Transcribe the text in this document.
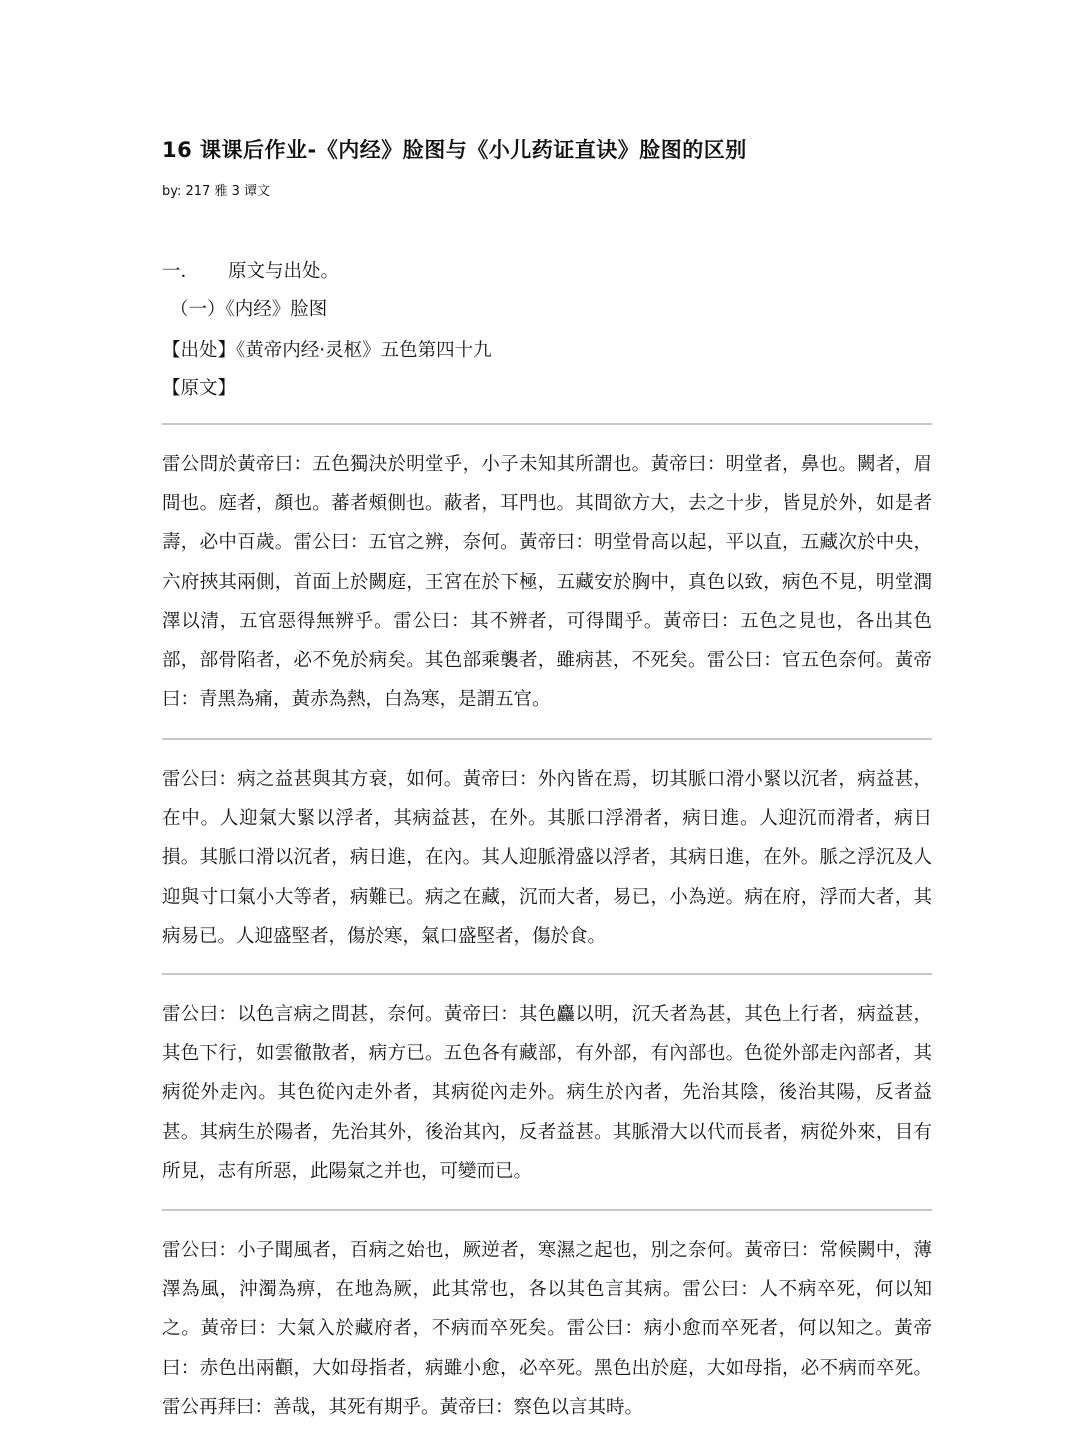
16 课课后作业-《内经》脸图与《小儿药证直诀》脸图的区别
by: 217 雅 3 谭文
一． 原文与出处。
（一）《内经》脸图
【出处】《黄帝内经·灵枢》五色第四十九
【原文】
雷公問於黃帝曰：五色獨決於明堂乎，小子未知其所謂也。黃帝曰：明堂者，鼻也。闕者，眉間也。庭者，顏也。蕃者頰側也。蔽者，耳門也。其間欲方大，去之十步，皆見於外，如是者壽，必中百歲。雷公曰：五官之辨，奈何。黃帝曰：明堂骨高以起，平以直，五藏次於中央，六府挾其兩側，首面上於闕庭，王宮在於下極，五藏安於胸中，真色以致，病色不見，明堂潤澤以清，五官惡得無辨乎。雷公曰：其不辨者，可得聞乎。黃帝曰：五色之見也，各出其色部，部骨陷者，必不免於病矣。其色部乘襲者，雖病甚，不死矣。雷公曰：官五色奈何。黃帝曰：青黑為痛，黃赤為熱，白為寒，是謂五官。
雷公曰：病之益甚與其方衰，如何。黃帝曰：外內皆在焉，切其脈口滑小緊以沉者，病益甚，在中。人迎氣大緊以浮者，其病益甚，在外。其脈口浮滑者，病日進。人迎沉而滑者，病日損。其脈口滑以沉者，病日進，在內。其人迎脈滑盛以浮者，其病日進，在外。脈之浮沉及人迎與寸口氣小大等者，病難已。病之在藏，沉而大者，易已，小為逆。病在府，浮而大者，其病易已。人迎盛堅者，傷於寒，氣口盛堅者，傷於食。
雷公曰：以色言病之間甚，奈何。黃帝曰：其色麤以明，沉夭者為甚，其色上行者，病益甚，其色下行，如雲徹散者，病方已。五色各有藏部，有外部，有內部也。色從外部走內部者，其病從外走內。其色從內走外者，其病從內走外。病生於內者，先治其陰，後治其陽，反者益甚。其病生於陽者，先治其外，後治其內，反者益甚。其脈滑大以代而長者，病從外來，目有所見，志有所惡，此陽氣之并也，可變而已。
雷公曰：小子聞風者，百病之始也，厥逆者，寒濕之起也，別之奈何。黃帝曰：常候闕中，薄澤為風，沖濁為痹，在地為厥，此其常也，各以其色言其病。雷公曰：人不病卒死，何以知之。黃帝曰：大氣入於藏府者，不病而卒死矣。雷公曰：病小愈而卒死者，何以知之。黃帝曰：赤色出兩顴，大如母指者，病雖小愈，必卒死。黑色出於庭，大如母指，必不病而卒死。雷公再拜曰：善哉，其死有期乎。黃帝曰：察色以言其時。
